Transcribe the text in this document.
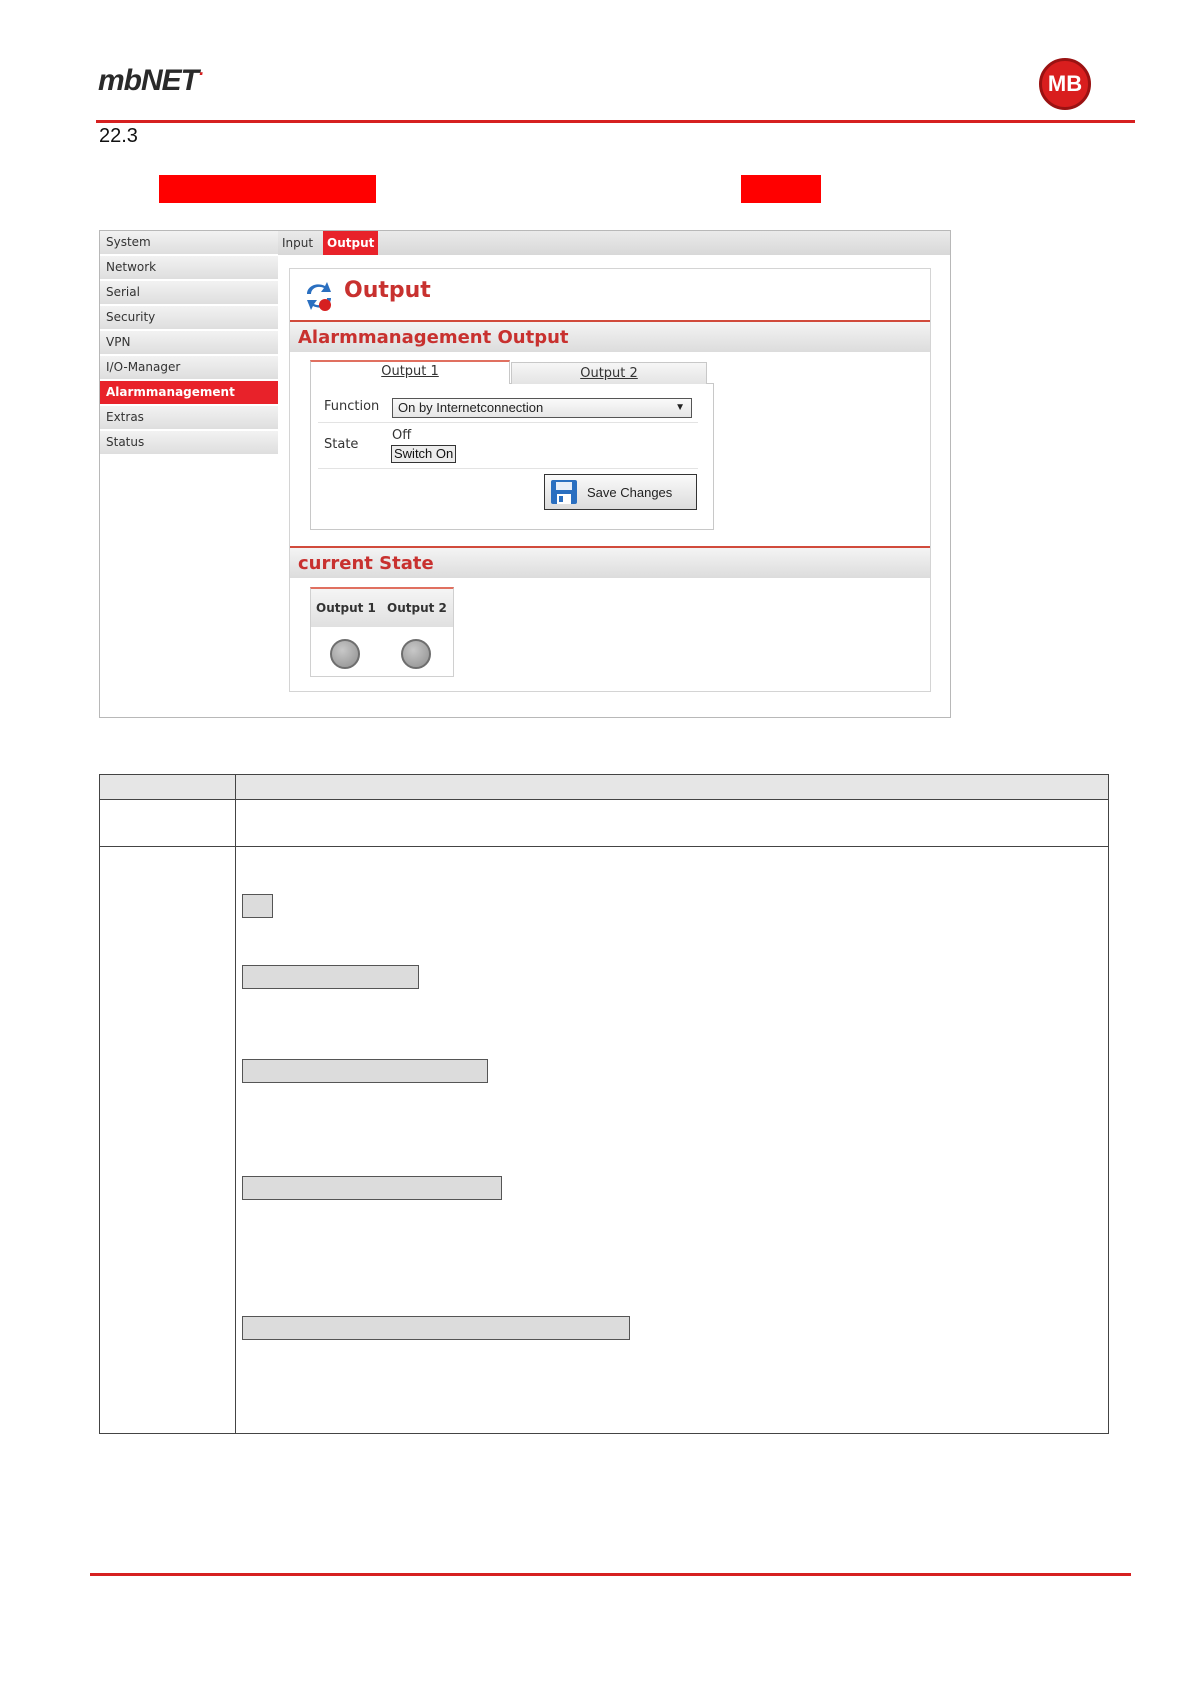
mbNET·	MB
22.3
System
Network
Serial
Security
VPN
I/O-Manager
Alarmmanagement
Extras
Status
Input	Output
Output
Alarmmanagement Output
Output 1	Output 2
Function	On by Internetconnection	▼
State
Off
Switch On
Save Changes
current State
Output 1 Output 2
